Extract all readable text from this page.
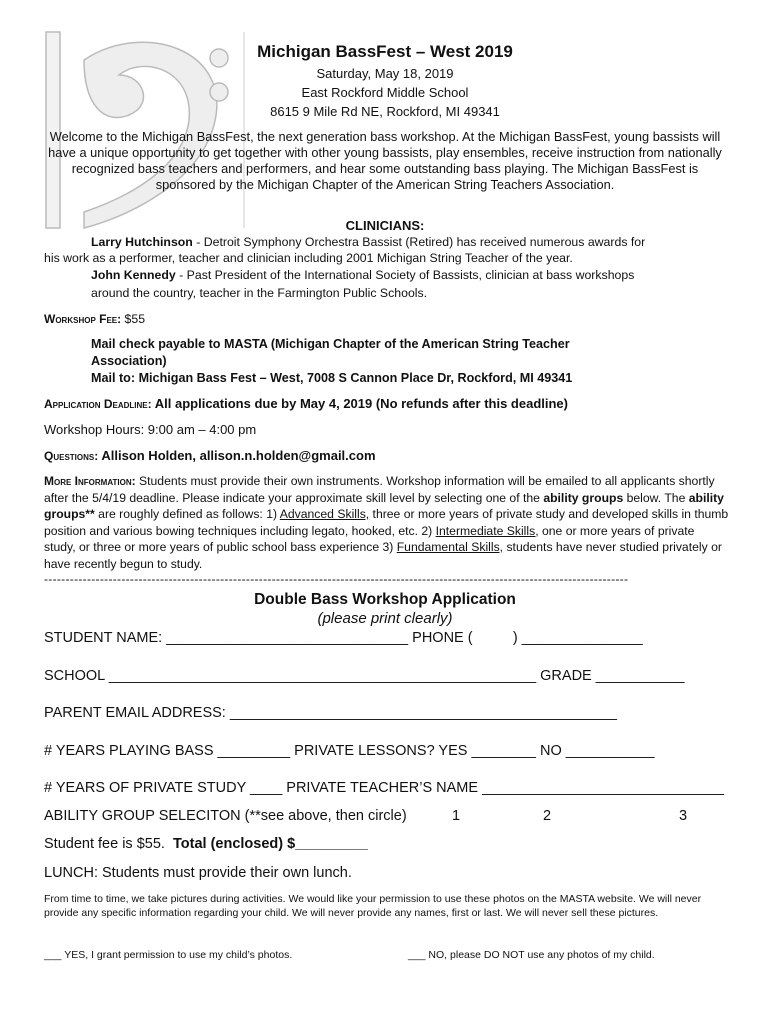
Michigan BassFest – West 2019
Saturday, May 18, 2019
East Rockford Middle School
8615 9 Mile Rd NE, Rockford, MI 49341
Welcome to the Michigan BassFest, the next generation bass workshop. At the Michigan BassFest, young bassists will have a unique opportunity to get together with other young bassists, play ensembles, receive instruction from nationally recognized bass teachers and performers, and hear some outstanding bass playing. The Michigan BassFest is sponsored by the Michigan Chapter of the American String Teachers Association.
CLINICIANS:
Larry Hutchinson - Detroit Symphony Orchestra Bassist (Retired) has received numerous awards for
his work as a performer, teacher and clinician including 2001 Michigan String Teacher of the year.
John Kennedy - Past President of the International Society of Bassists, clinician at bass workshops
around the country, teacher in the Farmington Public Schools.
Workshop Fee: $55
Mail check payable to MASTA (Michigan Chapter of the American String Teacher
Association)
Mail to: Michigan Bass Fest – West, 7008 S Cannon Place Dr, Rockford, MI 49341
Application Deadline: All applications due by May 4, 2019 (No refunds after this deadline)
Workshop Hours: 9:00 am – 4:00 pm
Questions: Allison Holden, allison.n.holden@gmail.com
More Information: Students must provide their own instruments. Workshop information will be emailed to all applicants shortly after the 5/4/19 deadline. Please indicate your approximate skill level by selecting one of the ability groups below. The ability groups** are roughly defined as follows: 1) Advanced Skills, three or more years of private study and developed skills in thumb position and various bowing techniques including legato, hooked, etc. 2) Intermediate Skills, one or more years of private study, or three or more years of public school bass experience 3) Fundamental Skills, students have never studied privately or have recently begun to study.
----------------------------------------------------------------------------------------------------------------------------------------
Double Bass Workshop Application
(please print clearly)
STUDENT NAME: ______________________________ PHONE (          ) _______________
SCHOOL _____________________________________________________ GRADE ___________
PARENT EMAIL ADDRESS: ________________________________________________
# YEARS PLAYING BASS _________ PRIVATE LESSONS? YES ________ NO ___________
# YEARS OF PRIVATE STUDY ____ PRIVATE TEACHER’S NAME ______________________________
ABILITY GROUP SELECITON (**see above, then circle)	1	2	3
Student fee is $55.  Total (enclosed) $_________
LUNCH: Students must provide their own lunch.
From time to time, we take pictures during activities. We would like your permission to use these photos on the MASTA website. We will never provide any specific information regarding your child. We will never provide any names, first or last. We will never sell these pictures.
___ YES, I grant permission to use my child’s photos.	___ NO, please DO NOT use any photos of my child.
